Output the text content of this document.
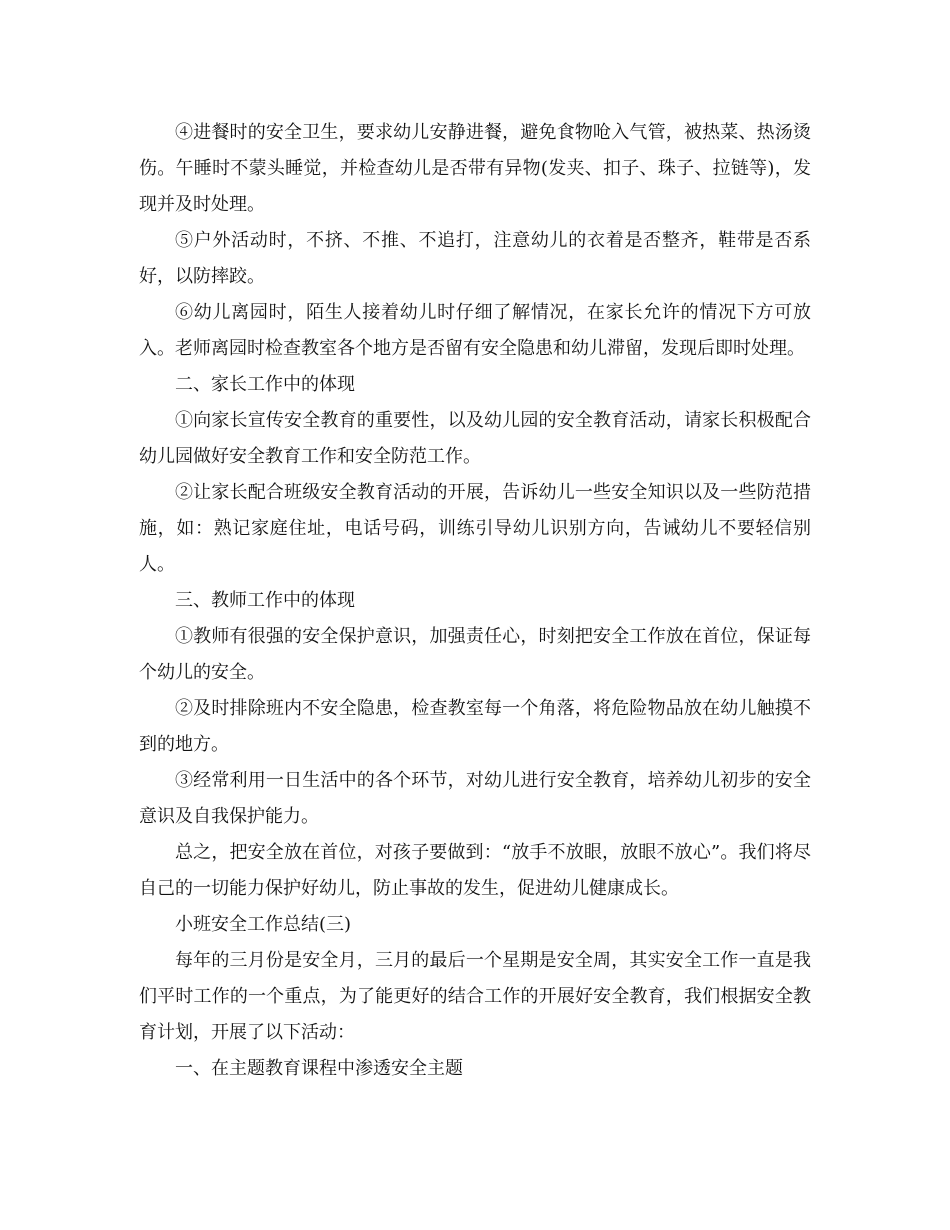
④进餐时的安全卫生，要求幼儿安静进餐，避免食物呛入气管，被热菜、热汤烫伤。午睡时不蒙头睡觉，并检查幼儿是否带有异物(发夹、扣子、珠子、拉链等)，发现并及时处理。

⑤户外活动时，不挤、不推、不追打，注意幼儿的衣着是否整齐，鞋带是否系好，以防摔跤。

⑥幼儿离园时，陌生人接着幼儿时仔细了解情况，在家长允许的情况下方可放入。老师离园时检查教室各个地方是否留有安全隐患和幼儿滞留，发现后即时处理。

二、家长工作中的体现

①向家长宣传安全教育的重要性，以及幼儿园的安全教育活动，请家长积极配合幼儿园做好安全教育工作和安全防范工作。

②让家长配合班级安全教育活动的开展，告诉幼儿一些安全知识以及一些防范措施，如：熟记家庭住址，电话号码，训练引导幼儿识别方向，告诫幼儿不要轻信别人。

三、教师工作中的体现

①教师有很强的安全保护意识，加强责任心，时刻把安全工作放在首位，保证每个幼儿的安全。

②及时排除班内不安全隐患，检查教室每一个角落，将危险物品放在幼儿触摸不到的地方。

③经常利用一日生活中的各个环节，对幼儿进行安全教育，培养幼儿初步的安全意识及自我保护能力。

总之，把安全放在首位，对孩子要做到：“放手不放眼，放眼不放心”。我们将尽自己的一切能力保护好幼儿，防止事故的发生，促进幼儿健康成长。

小班安全工作总结(三)

每年的三月份是安全月，三月的最后一个星期是安全周，其实安全工作一直是我们平时工作的一个重点，为了能更好的结合工作的开展好安全教育，我们根据安全教育计划，开展了以下活动：

一、在主题教育课程中渗透安全主题
